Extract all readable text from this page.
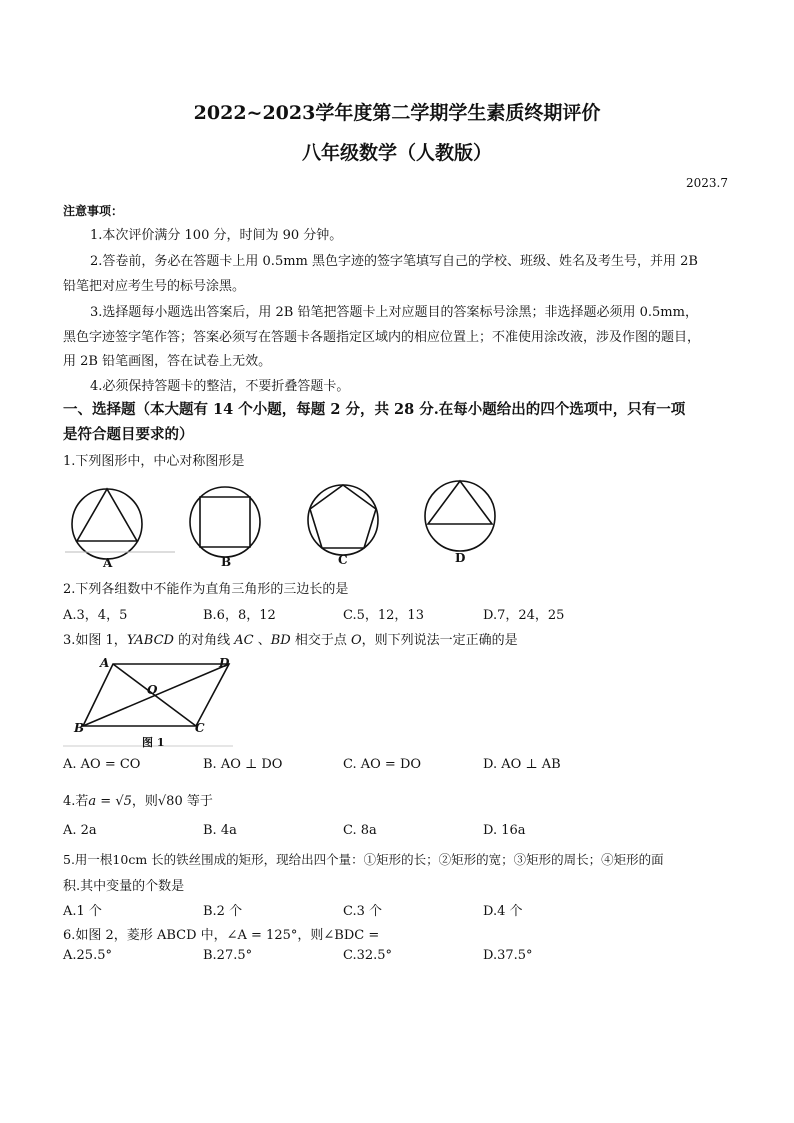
2022~2023学年度第二学期学生素质终期评价
八年级数学（人教版）
2023.7
注意事项：
1.本次评价满分 100 分，时间为 90 分钟。
2.答卷前，务必在答题卡上用 0.5mm 黑色字迹的签字笔填写自己的学校、班级、姓名及考生号，并用 2B
铅笔把对应考生号的标号涂黑。
3.选择题每小题选出答案后，用 2B 铅笔把答题卡上对应题目的答案标号涂黑；非选择题必须用 0.5mm，
黑色字迹签字笔作答；答案必须写在答题卡各题指定区域内的相应位置上；不准使用涂改液，涉及作图的题目，
用 2B 铅笔画图，答在试卷上无效。
4.必须保持答题卡的整洁，不要折叠答题卡。
一、选择题（本大题有 14 个小题，每题 2 分，共 28 分.在每小题给出的四个选项中，只有一项
是符合题目要求的）
1.下列图形中，中心对称图形是
A	B	C	D
2.下列各组数中不能作为直角三角形的三边长的是
A.3，4，5	B.6，8，12	C.5，12，13	D.7，24，25
3.如图 1，YABCD 的对角线 AC 、BD 相交于点 O，则下列说法一定正确的是
A	D
O
B	C
图 1
A. AO = CO	B. AO ⊥ DO	C. AO = DO	D. AO ⊥ AB
4.若a = √5，则√80 等于
A. 2a	B. 4a	C. 8a	D. 16a
5.用一根10cm 长的铁丝围成的矩形，现给出四个量：①矩形的长；②矩形的宽；③矩形的周长；④矩形的面
积.其中变量的个数是
A.1 个	B.2 个	C.3 个	D.4 个
6.如图 2，菱形 ABCD 中，∠A = 125°，则∠BDC =
A.25.5°	B.27.5°	C.32.5°	D.37.5°
